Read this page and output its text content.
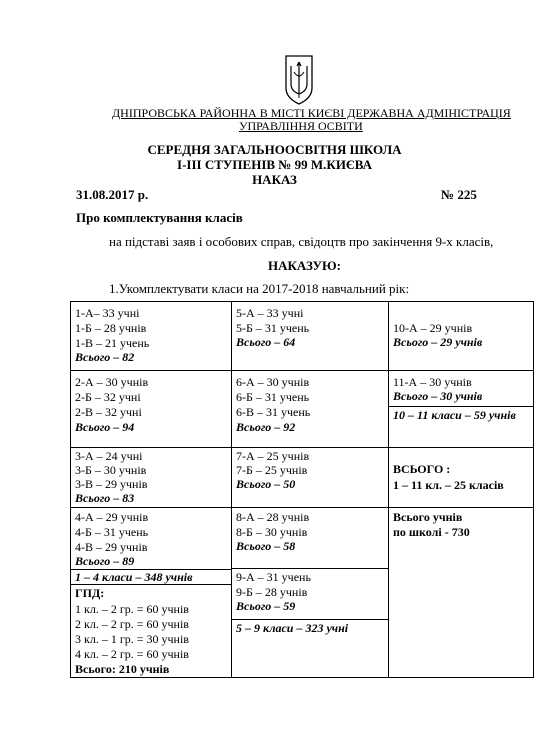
ДНІПРОВСЬКА РАЙОННА В МІСТІ КИЄВІ ДЕРЖАВНА АДМІНІСТРАЦІЯ
УПРАВЛІННЯ ОСВІТИ
СЕРЕДНЯ ЗАГАЛЬНООСВІТНЯ ШКОЛА
І-ІІІ СТУПЕНІВ № 99 М.КИЄВА
НАКАЗ
31.08.2017 р.	№ 225
Про комплектування класів
на підставі заяв і особових справ, свідоцтв про закінчення 9-х класів,
НАКАЗУЮ:
1.Укомплектувати класи на 2017-2018 навчальний рік:
1-А– 33 учні
1-Б – 28 учнів
1-В – 21 учень
Всього – 82
2-А – 30 учнів
2-Б – 32 учні
2-В – 32 учні
Всього – 94
3-А – 24 учні
3-Б – 30 учнів
3-В – 29 учнів
Всього – 83
4-А – 29 учнів
4-Б – 31 учень
4-В – 29 учнів
Всього – 89
1 – 4 класи – 348 учнів
ГПД:
1 кл. – 2 гр. = 60 учнів
2 кл. – 2 гр. = 60 учнів
3 кл. – 1 гр. = 30 учнів
4 кл. – 2 гр. = 60 учнів
Всього: 210 учнів
5-А – 33 учні
5-Б – 31 учень
Всього – 64
6-А – 30 учнів
6-Б – 31 учень
6-В – 31 учень
Всього – 92
7-А – 25 учнів
7-Б – 25 учнів
Всього – 50
8-А – 28 учнів
8-Б – 30 учнів
Всього – 58
9-А – 31 учень
9-Б – 28 учнів
Всього – 59
5 – 9 класи – 323 учні
10-А – 29 учнів
Всього – 29 учнів
11-А – 30 учнів
Всього – 30 учнів
10 – 11 класи – 59 учнів
ВСЬОГО :
1 – 11 кл. – 25 класів
Всього учнів
по школі - 730
